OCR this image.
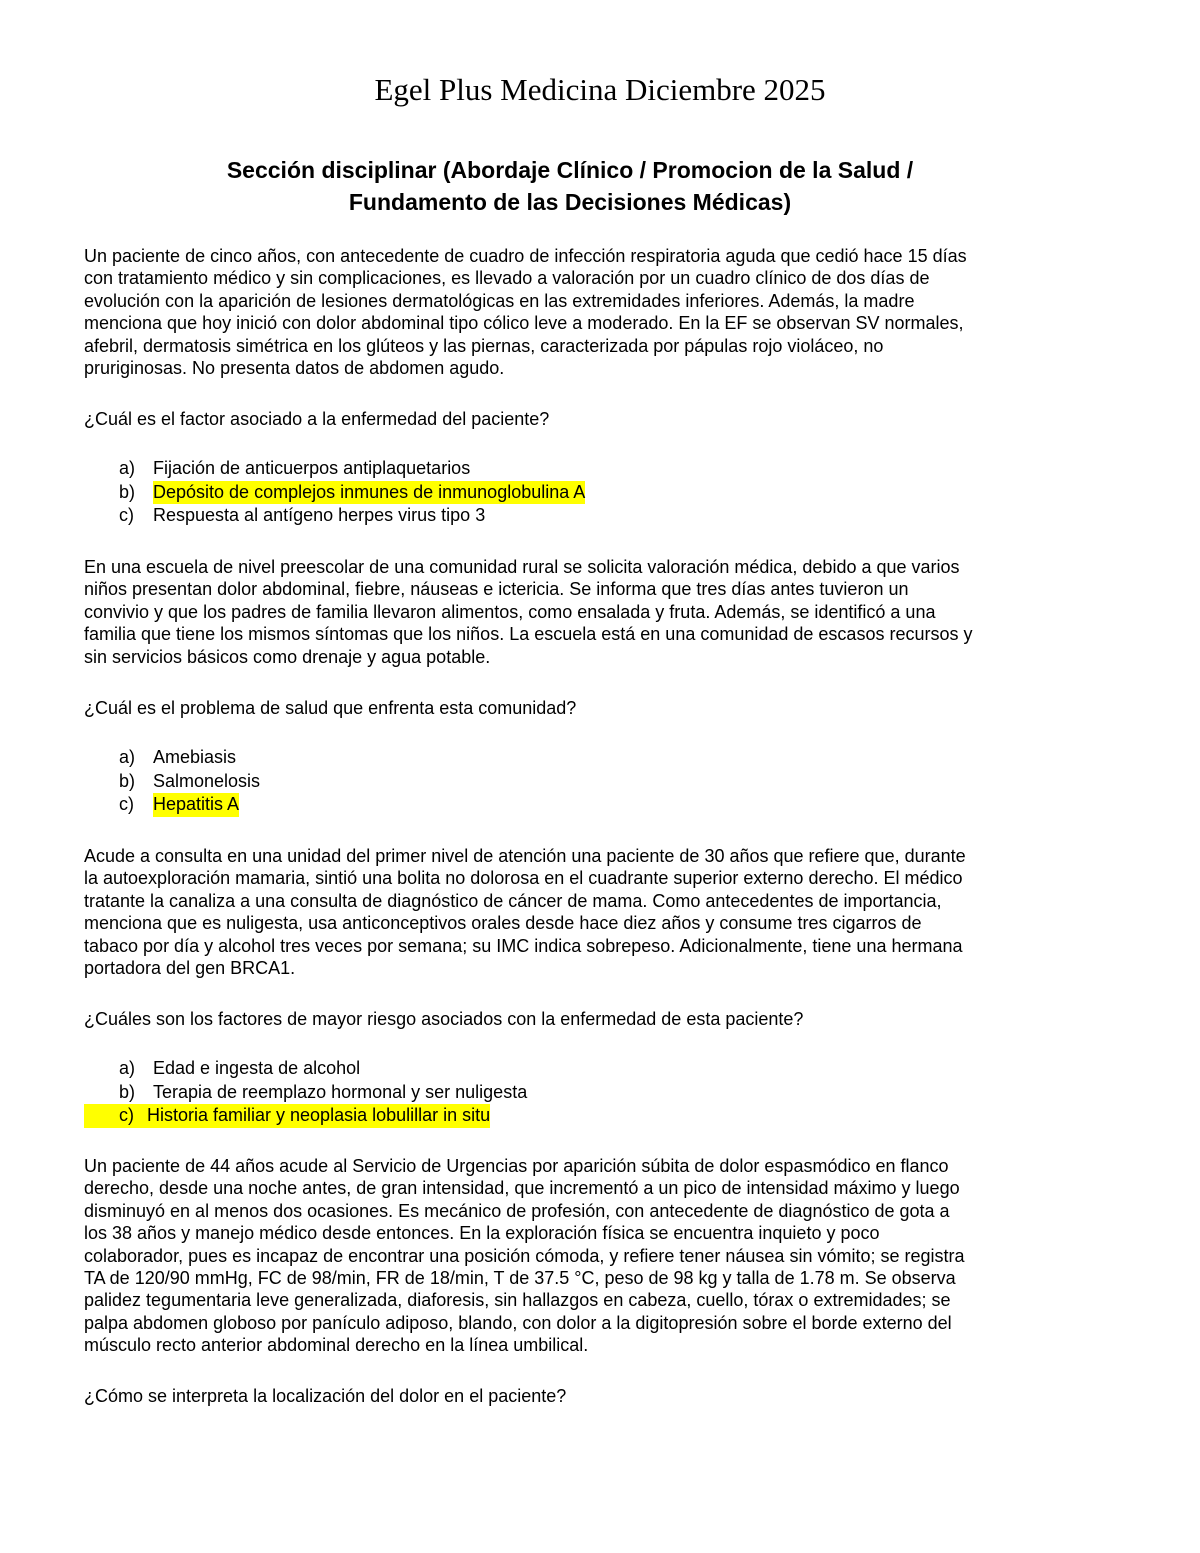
Egel Plus Medicina Diciembre 2025
Sección disciplinar (Abordaje Clínico / Promocion de la Salud /
Fundamento de las Decisiones Médicas)

Un paciente de cinco años, con antecedente de cuadro de infección respiratoria aguda que cedió hace 15 días

con tratamiento médico y sin complicaciones, es llevado a valoración por un cuadro clínico de dos días de

evolución con la aparición de lesiones dermatológicas en las extremidades inferiores. Además, la madre

menciona que hoy inició con dolor abdominal tipo cólico leve a moderado. En la EF se observan SV normales,

afebril, dermatosis simétrica en los glúteos y las piernas, caracterizada por pápulas rojo violáceo, no

pruriginosas. No presenta datos de abdomen agudo.

¿Cuál es el factor asociado a la enfermedad del paciente?

a) Fijación de anticuerpos antiplaquetarios
b) Depósito de complejos inmunes de inmunoglobulina A
c) Respuesta al antígeno herpes virus tipo 3

En una escuela de nivel preescolar de una comunidad rural se solicita valoración médica, debido a que varios

niños presentan dolor abdominal, fiebre, náuseas e ictericia. Se informa que tres días antes tuvieron un

convivio y que los padres de familia llevaron alimentos, como ensalada y fruta. Además, se identificó a una

familia que tiene los mismos síntomas que los niños. La escuela está en una comunidad de escasos recursos y

sin servicios básicos como drenaje y agua potable.

¿Cuál es el problema de salud que enfrenta esta comunidad?

a) Amebiasis
b) Salmonelosis
c) Hepatitis A

Acude a consulta en una unidad del primer nivel de atención una paciente de 30 años que refiere que, durante

la autoexploración mamaria, sintió una bolita no dolorosa en el cuadrante superior externo derecho. El médico

tratante la canaliza a una consulta de diagnóstico de cáncer de mama. Como antecedentes de importancia,

menciona que es nuligesta, usa anticonceptivos orales desde hace diez años y consume tres cigarros de

tabaco por día y alcohol tres veces por semana; su IMC indica sobrepeso. Adicionalmente, tiene una hermana

portadora del gen BRCA1.

¿Cuáles son los factores de mayor riesgo asociados con la enfermedad de esta paciente?

a) Edad e ingesta de alcohol
b) Terapia de reemplazo hormonal y ser nuligesta
c) Historia familiar y neoplasia lobulillar in situ

Un paciente de 44 años acude al Servicio de Urgencias por aparición súbita de dolor espasmódico en flanco

derecho, desde una noche antes, de gran intensidad, que incrementó a un pico de intensidad máximo y luego

disminuyó en al menos dos ocasiones. Es mecánico de profesión, con antecedente de diagnóstico de gota a

los 38 años y manejo médico desde entonces. En la exploración física se encuentra inquieto y poco

colaborador, pues es incapaz de encontrar una posición cómoda, y refiere tener náusea sin vómito; se registra

TA de 120/90 mmHg, FC de 98/min, FR de 18/min, T de 37.5 °C, peso de 98 kg y talla de 1.78 m. Se observa

palidez tegumentaria leve generalizada, diaforesis, sin hallazgos en cabeza, cuello, tórax o extremidades; se

palpa abdomen globoso por panículo adiposo, blando, con dolor a la digitopresión sobre el borde externo del

músculo recto anterior abdominal derecho en la línea umbilical.

¿Cómo se interpreta la localización del dolor en el paciente?
